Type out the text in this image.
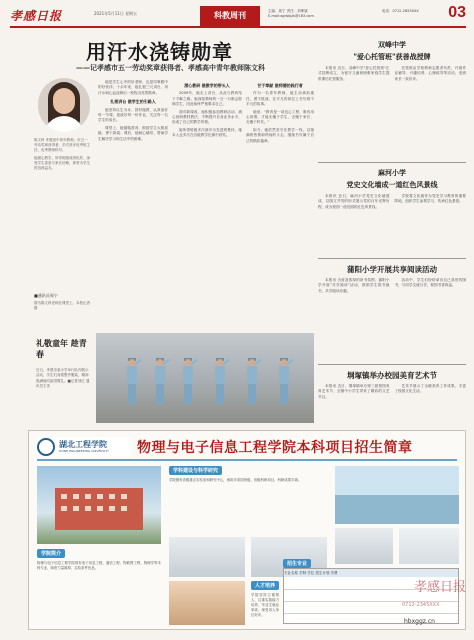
孝感日报	2021年5月11日 星期五	科教周刊	主编：周宁 责任：刘坤斌
E-mail:xgrbkjzk@163.com
电话：0712-2853XXX	03
用汗水浇铸勋章
——记孝感市五一劳动奖章获得者、孝感高中青年教师陈文科

陈文科 孝感高中青年教师，市五一劳动奖章获得者，多次获评优秀班主任、优秀教师称号。

她潜心教学，所带班级成绩优异，深受学生喜爱与家长信赖，被誉为学生的良师益友。

■通讯员周宁
图为陈文科老师在课堂上。本报记者 摄

她是学生心中的好老师，也是同事眼中的好伙伴。十余年来，她扎根三尺讲台，用汗水和心血浇铸出一枚枚闪亮的勋章。

扎根讲台 做学生的引路人

她坚持以生为本，因材施教，认真备好每一节课，批改好每一份作业，关注每一名学生的成长。

课堂上，她循循善诱，鼓励学生大胆质疑、勇于探索；课后，她耐心辅导，帮助学生解决学习和生活中的困难。

潜心教研 做教学的带头人

2009年，她走上讲台，从此与教育结下不解之缘。她深知教师的一言一行都会影响学生，因此始终严格要求自己。

面对新课改，她积极参加教研活动，潜心钻研教材教法，不断提升自身业务水平，形成了自己的教学风格。

她所带班级多次被评为先进班集体，她本人也多次在各级教学比赛中获奖。

甘于奉献 做师德的践行者

作为一名青年教师，她主动承担重任，勇于挑战，在平凡的岗位上书写着不平凡的故事。

她说："教育是一项良心工程，唯有用心用情，才能无愧于学生、无愧于家长、无愧于时代。"

如今，她依然坚守在教学一线，以饱满的热情和昂扬的斗志，继续书写属于自己的精彩篇章。

双峰中学
"爱心托管班"获善战授牌

本报讯 近日，双峰中学"爱心托管班"正式挂牌成立，为留守儿童和困难家庭学生提供课后托管服务。

托管班由学校教师志愿者负责，开展作业辅导、兴趣培养、心理疏导等活动，受到家长一致好评。

麻河小学
党史文化墙成一道红色风景线

本报讯 近日，麻河小学党史文化墙建成，以图文并茂的形式展示党的百年光辉历程，成为校园一道亮丽的红色风景线。

学校将文化墙作为党史学习教育的重要阵地，组织学生参观学习，传承红色基因。

蒲阳小学开展共享阅读活动

本报讯 为营造浓厚的读书氛围，蒲阳小学开展"共享阅读"活动，鼓励学生捐书换书，共享阅读乐趣。

活动中，学生们纷纷拿出自己喜爱的图书，与同学交流分享，校园书香四溢。

垌塚镇举办校园美育艺术节

本报讯 近日，垌塚镇举办第三届校园美育艺术节，全镇中小学生带来了精彩的文艺节目。

艺术节展示了全镇美育工作成果，丰富了校园文化生活。

礼敬童年 趁青春
近日，孝感市某小学举行队列展示活动，学生们身着整齐服装，精神饱满地向祖国敬礼。■记者刘红 通讯员王美
湖北工程学院
HUBEI ENGINEERING UNIVERSITY 物理与电子信息工程学院本科项目招生简章
学院简介
物理与电子信息工程学院现有电子信息工程、通信工程、物联网工程、物理学等本科专业，师资力量雄厚，实验条件优良。
学科建设与科学研究
学院拥有省级重点实验室和研究中心，承担多项国家级、省级科研项目，科研成果丰硕。
人才培养
学院坚持立德树人，注重实践能力培养，毕业生就业率高，深受用人单位好评。
招生专业
专业名称 学制 学位 招生计划 学费
孝感日报
0712-2345XXX
hbxggz.cn
